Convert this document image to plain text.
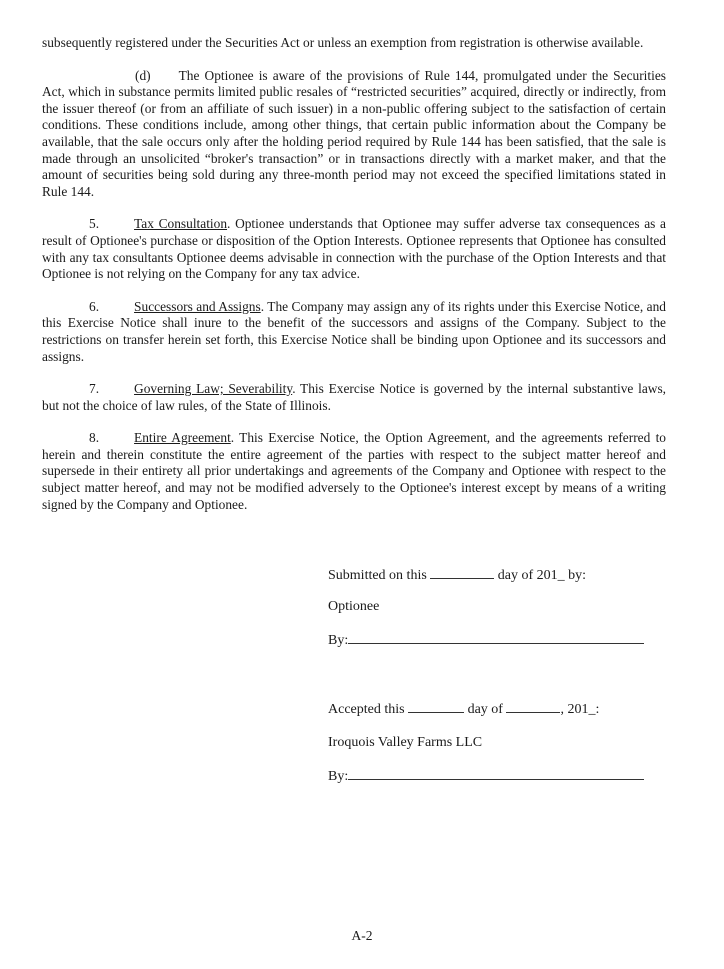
subsequently registered under the Securities Act or unless an exemption from registration is otherwise available.

(d) The Optionee is aware of the provisions of Rule 144, promulgated under the Securities Act, which in substance permits limited public resales of “restricted securities” acquired, directly or indirectly, from the issuer thereof (or from an affiliate of such issuer) in a non-public offering subject to the satisfaction of certain conditions. These conditions include, among other things, that certain public information about the Company be available, that the sale occurs only after the holding period required by Rule 144 has been satisfied, that the sale is made through an unsolicited “broker's transaction” or in transactions directly with a market maker, and that the amount of securities being sold during any three-month period may not exceed the specified limitations stated in Rule 144.

5.	Tax Consultation. Optionee understands that Optionee may suffer adverse tax consequences as a result of Optionee's purchase or disposition of the Option Interests. Optionee represents that Optionee has consulted with any tax consultants Optionee deems advisable in connection with the purchase of the Option Interests and that Optionee is not relying on the Company for any tax advice.

6.	Successors and Assigns. The Company may assign any of its rights under this Exercise Notice, and this Exercise Notice shall inure to the benefit of the successors and assigns of the Company. Subject to the restrictions on transfer herein set forth, this Exercise Notice shall be binding upon Optionee and its successors and assigns.

7.	Governing Law; Severability. This Exercise Notice is governed by the internal substantive laws, but not the choice of law rules, of the State of Illinois.

8.	Entire Agreement. This Exercise Notice, the Option Agreement, and the agreements referred to herein and therein constitute the entire agreement of the parties with respect to the subject matter hereof and supersede in their entirety all prior undertakings and agreements of the Company and Optionee with respect to the subject matter hereof, and may not be modified adversely to the Optionee's interest except by means of a writing signed by the Company and Optionee.

Submitted on this	day of 201_ by:
Optionee
By:
Accepted this	day of	, 201_:
Iroquois Valley Farms LLC
By:
A-2
